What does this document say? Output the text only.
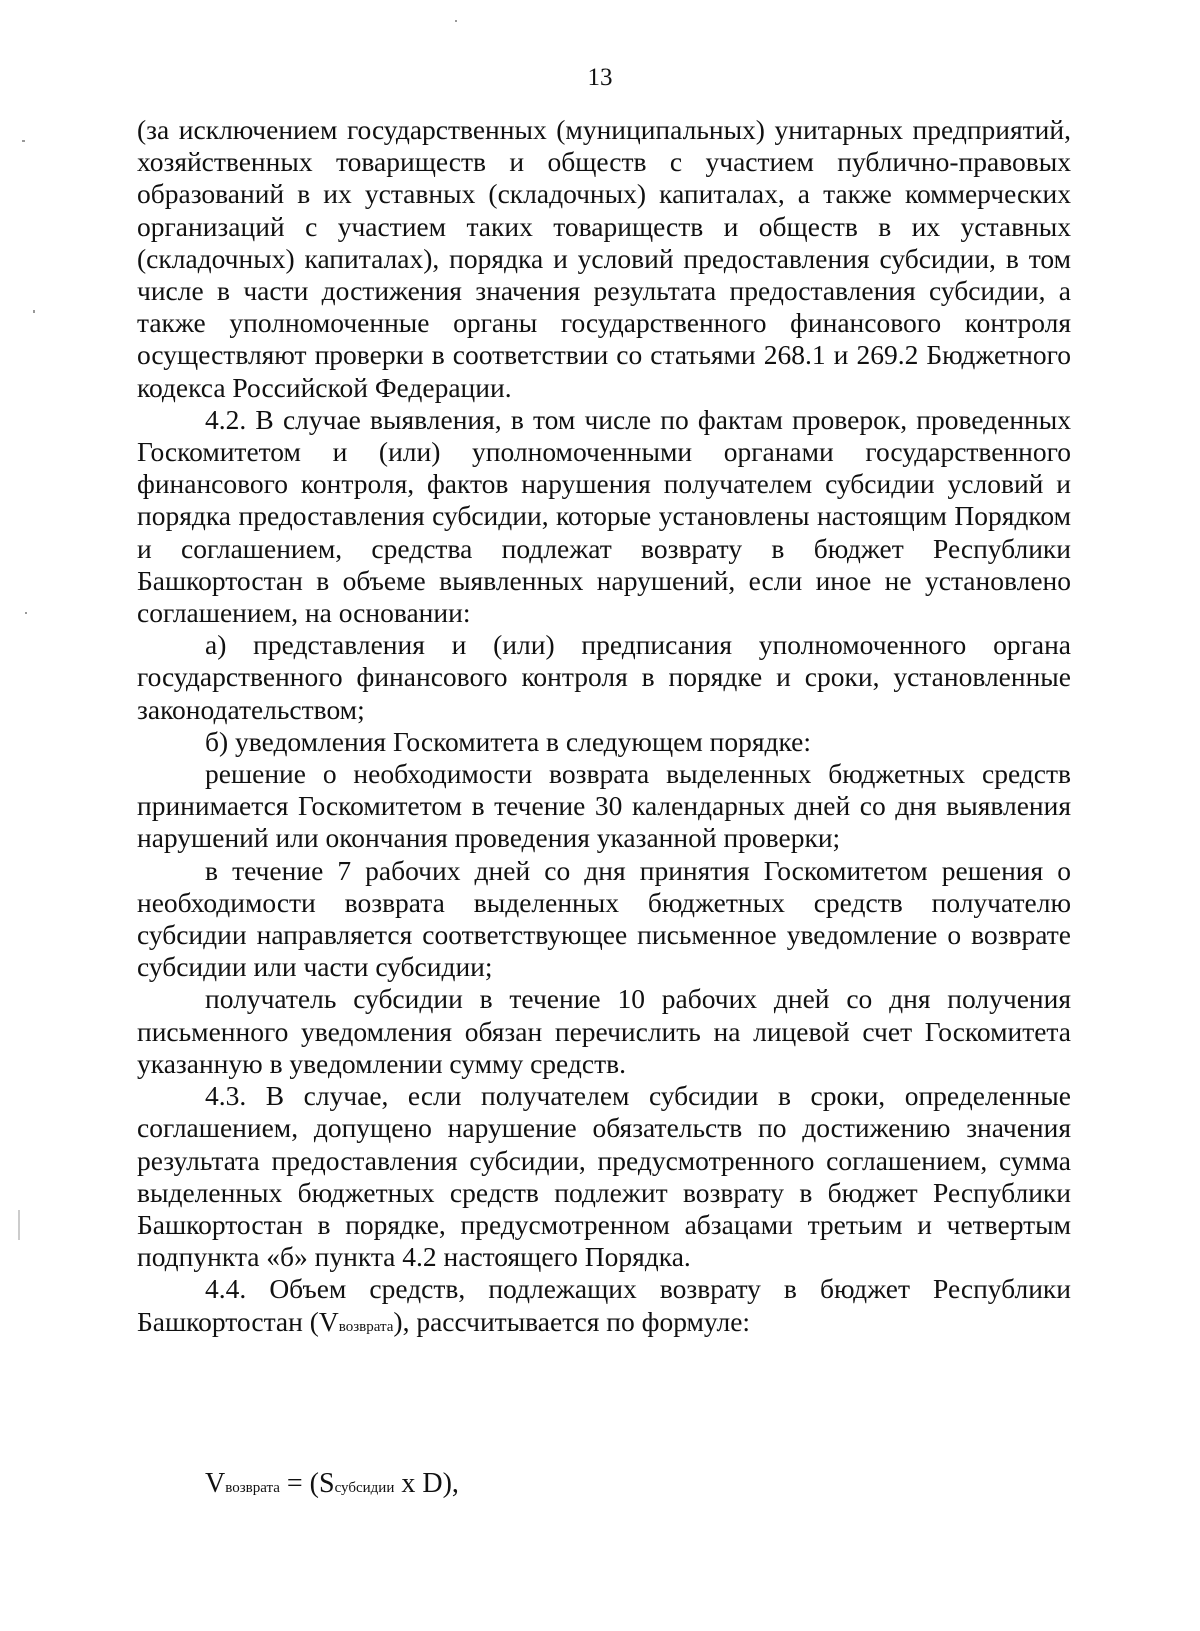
13

(за исключением государственных (муниципальных) унитарных предприятий, хозяйственных товариществ и обществ с участием публично-правовых образований в их уставных (складочных) капиталах, а также коммерческих организаций с участием таких товариществ и обществ в их уставных (складочных) капиталах), порядка и условий предоставления субсидии, в том числе в части достижения значения результата предоставления субсидии, а также уполномоченные органы государственного финансового контроля осуществляют проверки в соответствии со статьями 268.1 и 269.2 Бюджетного кодекса Российской Федерации.

4.2. В случае выявления, в том числе по фактам проверок, проведенных Госкомитетом и (или) уполномоченными органами государственного финансового контроля, фактов нарушения получателем субсидии условий и порядка предоставления субсидии, которые установлены настоящим Порядком и соглашением, средства подлежат возврату в бюджет Республики Башкортостан в объеме выявленных нарушений, если иное не установлено соглашением, на основании:

а) представления и (или) предписания уполномоченного органа государственного финансового контроля в порядке и сроки, установленные законодательством;

б) уведомления Госкомитета в следующем порядке:

решение о необходимости возврата выделенных бюджетных средств принимается Госкомитетом в течение 30 календарных дней со дня выявления нарушений или окончания проведения указанной проверки;

в течение 7 рабочих дней со дня принятия Госкомитетом решения о необходимости возврата выделенных бюджетных средств получателю субсидии направляется соответствующее письменное уведомление о возврате субсидии или части субсидии;

получатель субсидии в течение 10 рабочих дней со дня получения письменного уведомления обязан перечислить на лицевой счет Госкомитета указанную в уведомлении сумму средств.

4.3. В случае, если получателем субсидии в сроки, определенные соглашением, допущено нарушение обязательств по достижению значения результата предоставления субсидии, предусмотренного соглашением, сумма выделенных бюджетных средств подлежит возврату в бюджет Республики Башкортостан в порядке, предусмотренном абзацами третьим и четвертым подпункта «б» пункта 4.2 настоящего Порядка.

4.4. Объем средств, подлежащих возврату в бюджет Республики Башкортостан (Vвозврата), рассчитывается по формуле:

Vвозврата = (Sсубсидии x D),
